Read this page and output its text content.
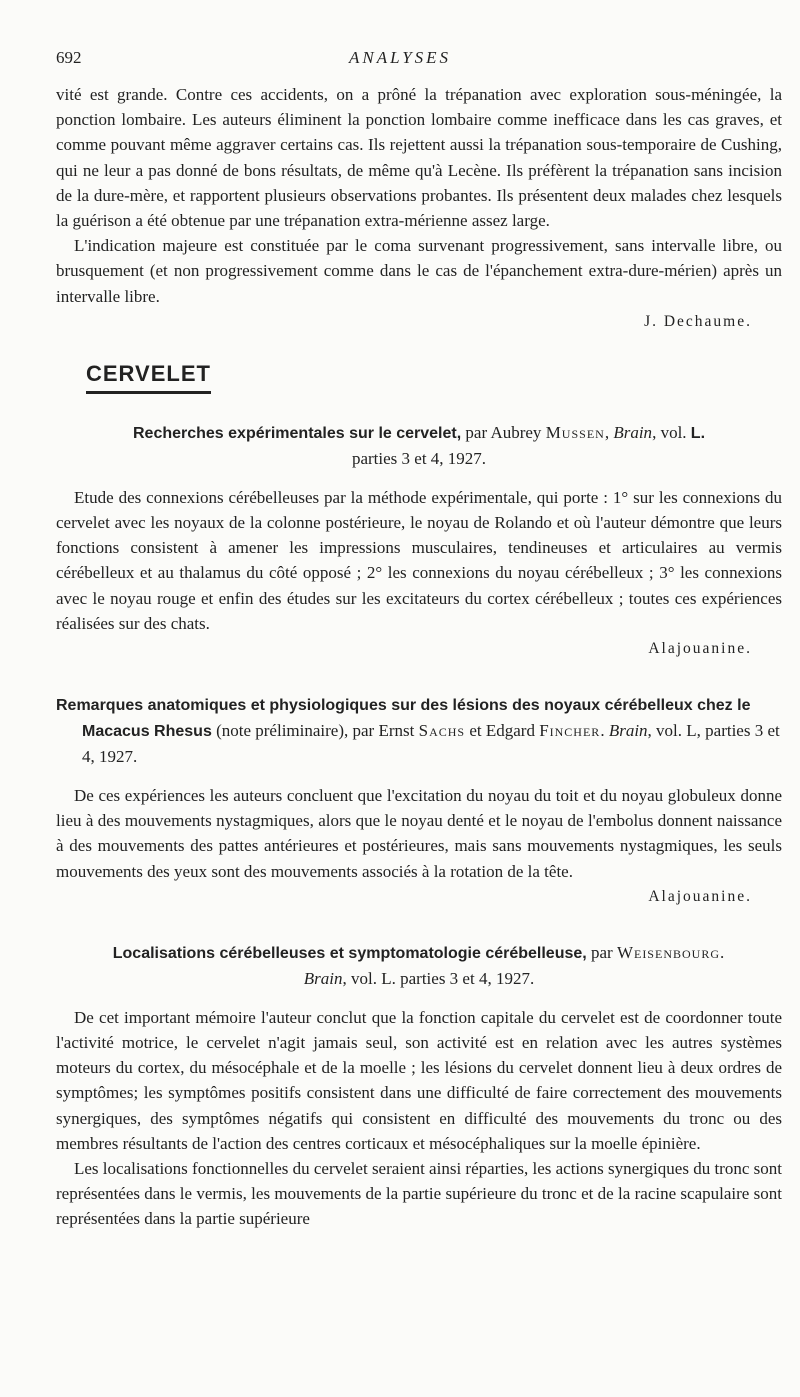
692	ANALYSES

vité est grande. Contre ces accidents, on a prôné la trépanation avec exploration sous-méningée, la ponction lombaire. Les auteurs éliminent la ponction lombaire comme inefficace dans les cas graves, et comme pouvant même aggraver certains cas. Ils rejettent aussi la trépanation sous-temporaire de Cushing, qui ne leur a pas donné de bons résultats, de même qu'à Lecène. Ils préfèrent la trépanation sans incision de la dure-mère, et rapportent plusieurs observations probantes. Ils présentent deux malades chez lesquels la guérison a été obtenue par une trépanation extra-mérienne assez large.

L'indication majeure est constituée par le coma survenant progressivement, sans intervalle libre, ou brusquement (et non progressivement comme dans le cas de l'épanchement extra-dure-mérien) après un intervalle libre.

J. Dechaume.

CERVELET
Recherches expérimentales sur le cervelet, par Aubrey Mussen, Brain, vol. L.
parties 3 et 4, 1927.

Etude des connexions cérébelleuses par la méthode expérimentale, qui porte : 1° sur les connexions du cervelet avec les noyaux de la colonne postérieure, le noyau de Rolando et où l'auteur démontre que leurs fonctions consistent à amener les impressions musculaires, tendineuses et articulaires au vermis cérébelleux et au thalamus du côté opposé ; 2° les connexions du noyau cérébelleux ; 3° les connexions avec le noyau rouge et enfin des études sur les excitateurs du cortex cérébelleux ; toutes ces expériences réalisées sur des chats.

Alajouanine.

Remarques anatomiques et physiologiques sur des lésions des noyaux cérébelleux chez le Macacus Rhesus (note préliminaire), par Ernst Sachs et Edgard Fincher. Brain, vol. L, parties 3 et 4, 1927.

De ces expériences les auteurs concluent que l'excitation du noyau du toit et du noyau globuleux donne lieu à des mouvements nystagmiques, alors que le noyau denté et le noyau de l'embolus donnent naissance à des mouvements des pattes antérieures et postérieures, mais sans mouvements nystagmiques, les seuls mouvements des yeux sont des mouvements associés à la rotation de la tête.

Alajouanine.

Localisations cérébelleuses et symptomatologie cérébelleuse, par Weisenbourg.
Brain, vol. L. parties 3 et 4, 1927.

De cet important mémoire l'auteur conclut que la fonction capitale du cervelet est de coordonner toute l'activité motrice, le cervelet n'agit jamais seul, son activité est en relation avec les autres systèmes moteurs du cortex, du mésocéphale et de la moelle ; les lésions du cervelet donnent lieu à deux ordres de symptômes; les symptômes positifs consistent dans une difficulté de faire correctement des mouvements synergiques, des symptômes négatifs qui consistent en difficulté des mouvements du tronc ou des membres résultants de l'action des centres corticaux et mésocéphaliques sur la moelle épinière.

Les localisations fonctionnelles du cervelet seraient ainsi réparties, les actions synergiques du tronc sont représentées dans le vermis, les mouvements de la partie supérieure du tronc et de la racine scapulaire sont représentées dans la partie supérieure
